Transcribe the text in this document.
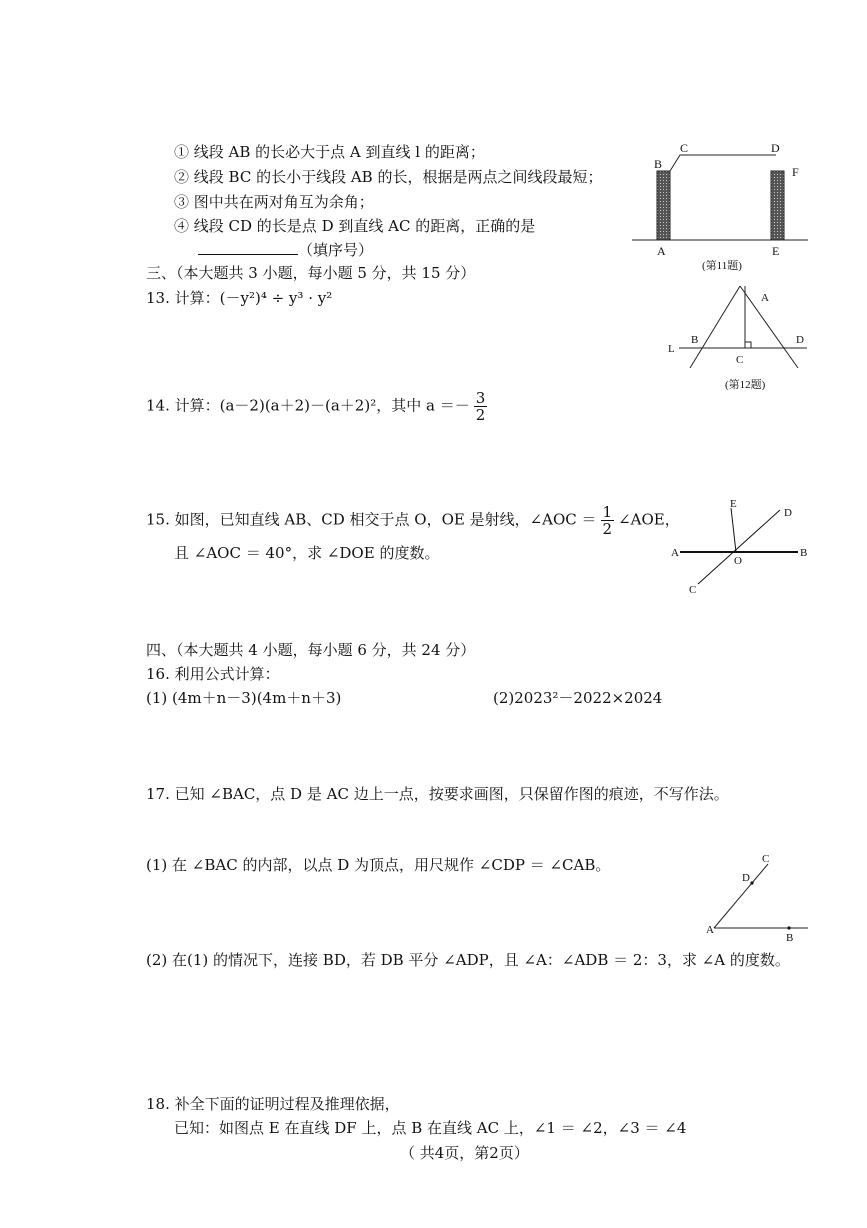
① 线段 AB 的长必大于点 A 到直线 l 的距离；
② 线段 BC 的长小于线段 AB 的长，根据是两点之间线段最短；
③ 图中共在两对角互为余角；
④ 线段 CD 的长是点 D 到直线 AC 的距离，正确的是
（填序号）
B
C	D
F
A	E
(第11题)
三、（本大题共 3 小题，每小题 5 分，共 15 分）
13. 计算：(－y²)⁴ ÷ y³ · y²	A
B
C
D
L
(第12题)
14. 计算：(a－2)(a＋2)－(a＋2)²，其中 $a =- \frac{3}{2}$
15. 如图，已知直线 AB、CD 相交于点 O，OE 是射线，∠AOC ＝ $\frac{1}{2}$ ∠AOE，
且 ∠AOC ＝ 40°，求 ∠DOE 的度数。
E
D
A
O
B
C
四、（本大题共 4 小题，每小题 6 分，共 24 分）
16. 利用公式计算：
(1) (4m＋n－3)(4m＋n＋3)	(2)2023²－2022×2024
17. 已知 ∠BAC，点 D 是 AC 边上一点，按要求画图，只保留作图的痕迹，不写作法。
(1) 在 ∠BAC 的内部，以点 D 为顶点，用尺规作 ∠CDP ＝ ∠CAB。	C
D
A
B
(2) 在(1) 的情况下，连接 BD，若 DB 平分 ∠ADP，且 ∠A：∠ADB ＝ 2：3，求 ∠A 的度数。
18. 补全下面的证明过程及推理依据，
已知：如图点 E 在直线 DF 上，点 B 在直线 AC 上，∠1 ＝ ∠2，∠3 ＝ ∠4
（ 共4页，第2页）
